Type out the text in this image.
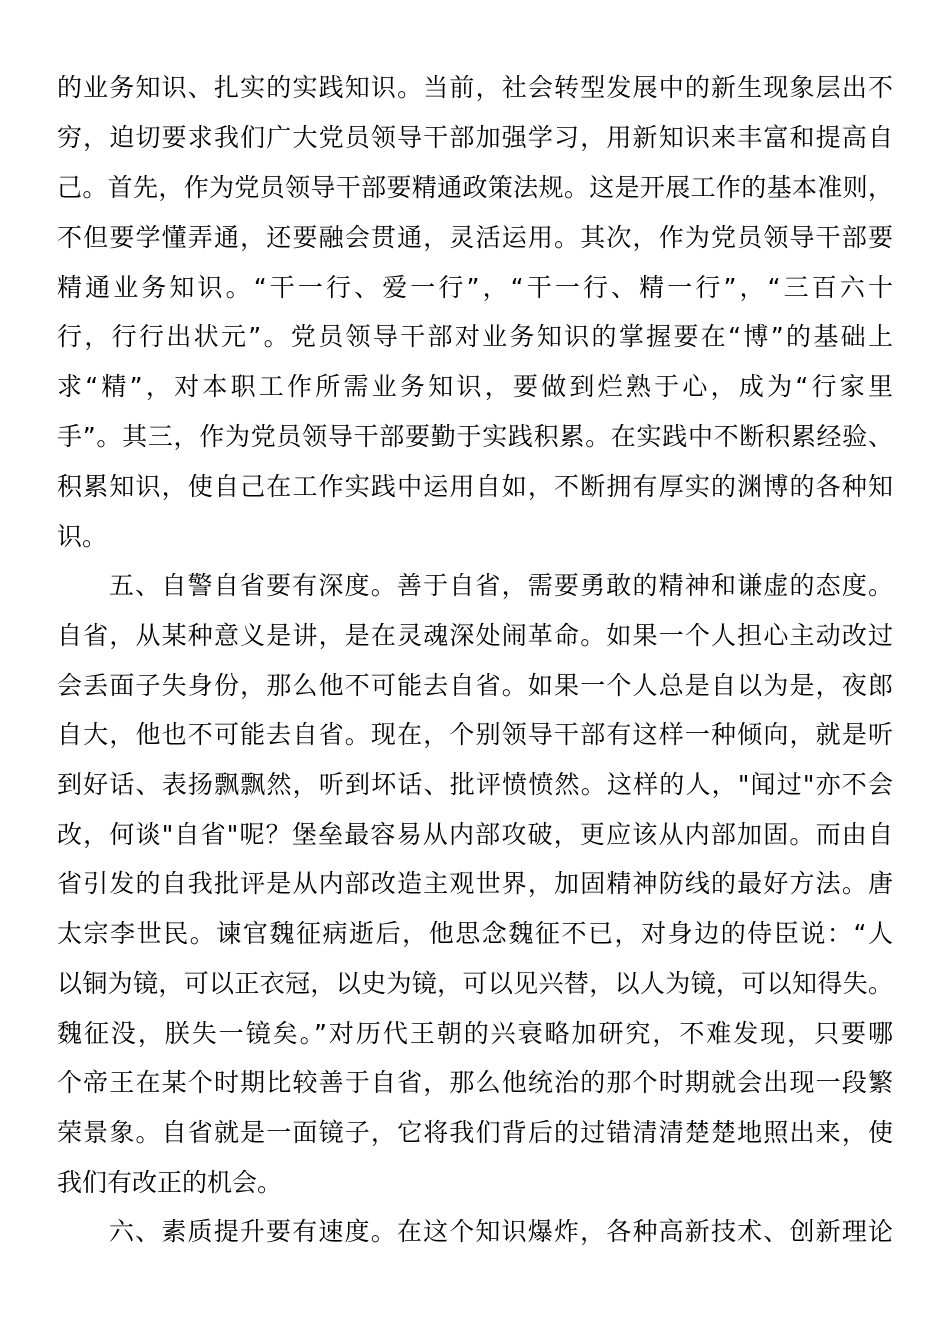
的业务知识、扎实的实践知识。当前，社会转型发展中的新生现象层出不
穷，迫切要求我们广大党员领导干部加强学习，用新知识来丰富和提高自
己。首先，作为党员领导干部要精通政策法规。这是开展工作的基本准则，
不但要学懂弄通，还要融会贯通，灵活运用。其次，作为党员领导干部要
精通业务知识。“干一行、爱一行”，“干一行、精一行”，“三百六十
行，行行出状元”。党员领导干部对业务知识的掌握要在“博”的基础上
求“精”，对本职工作所需业务知识，要做到烂熟于心，成为“行家里
手”。其三，作为党员领导干部要勤于实践积累。在实践中不断积累经验、
积累知识，使自己在工作实践中运用自如，不断拥有厚实的渊博的各种知
识。
五、自警自省要有深度。善于自省，需要勇敢的精神和谦虚的态度。
自省，从某种意义是讲，是在灵魂深处闹革命。如果一个人担心主动改过
会丢面子失身份，那么他不可能去自省。如果一个人总是自以为是，夜郎
自大，他也不可能去自省。现在，个别领导干部有这样一种倾向，就是听
到好话、表扬飘飘然，听到坏话、批评愤愤然。这样的人，"闻过"亦不会
改，何谈"自省"呢？堡垒最容易从内部攻破，更应该从内部加固。而由自
省引发的自我批评是从内部改造主观世界，加固精神防线的最好方法。唐
太宗李世民。谏官魏征病逝后，他思念魏征不已，对身边的侍臣说：“人
以铜为镜，可以正衣冠，以史为镜，可以见兴替，以人为镜，可以知得失。
魏征没，朕失一镜矣。”对历代王朝的兴衰略加研究，不难发现，只要哪
个帝王在某个时期比较善于自省，那么他统治的那个时期就会出现一段繁
荣景象。自省就是一面镜子，它将我们背后的过错清清楚楚地照出来，使
我们有改正的机会。
六、素质提升要有速度。在这个知识爆炸，各种高新技术、创新理论
